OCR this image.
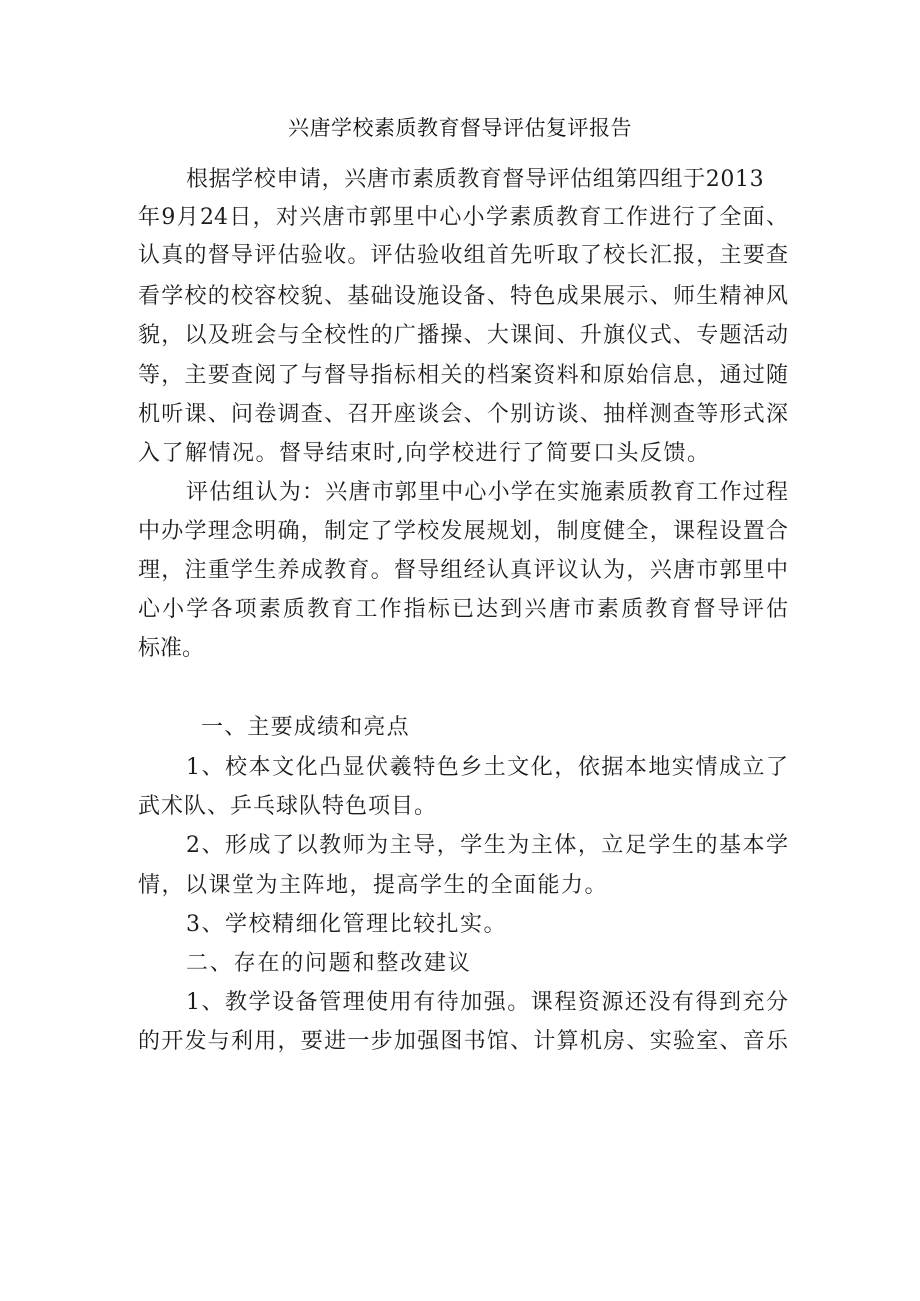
兴唐学校素质教育督导评估复评报告
根据学校申请，兴唐市素质教育督导评估组第四组于2013
年9月24日，对兴唐市郭里中心小学素质教育工作进行了全面、
认真的督导评估验收。评估验收组首先听取了校长汇报，主要查
看学校的校容校貌、基础设施设备、特色成果展示、师生精神风
貌，以及班会与全校性的广播操、大课间、升旗仪式、专题活动
等，主要查阅了与督导指标相关的档案资料和原始信息，通过随
机听课、问卷调查、召开座谈会、个别访谈、抽样测查等形式深
入了解情况。督导结束时,向学校进行了简要口头反馈。
评估组认为：兴唐市郭里中心小学在实施素质教育工作过程
中办学理念明确，制定了学校发展规划，制度健全，课程设置合
理，注重学生养成教育。督导组经认真评议认为，兴唐市郭里中
心小学各项素质教育工作指标已达到兴唐市素质教育督导评估
标准。
一、主要成绩和亮点
1、校本文化凸显伏羲特色乡土文化，依据本地实情成立了
武术队、乒乓球队特色项目。
2、形成了以教师为主导，学生为主体，立足学生的基本学
情，以课堂为主阵地，提高学生的全面能力。
3、学校精细化管理比较扎实。
二、存在的问题和整改建议
1、教学设备管理使用有待加强。课程资源还没有得到充分
的开发与利用，要进一步加强图书馆、计算机房、实验室、音乐
